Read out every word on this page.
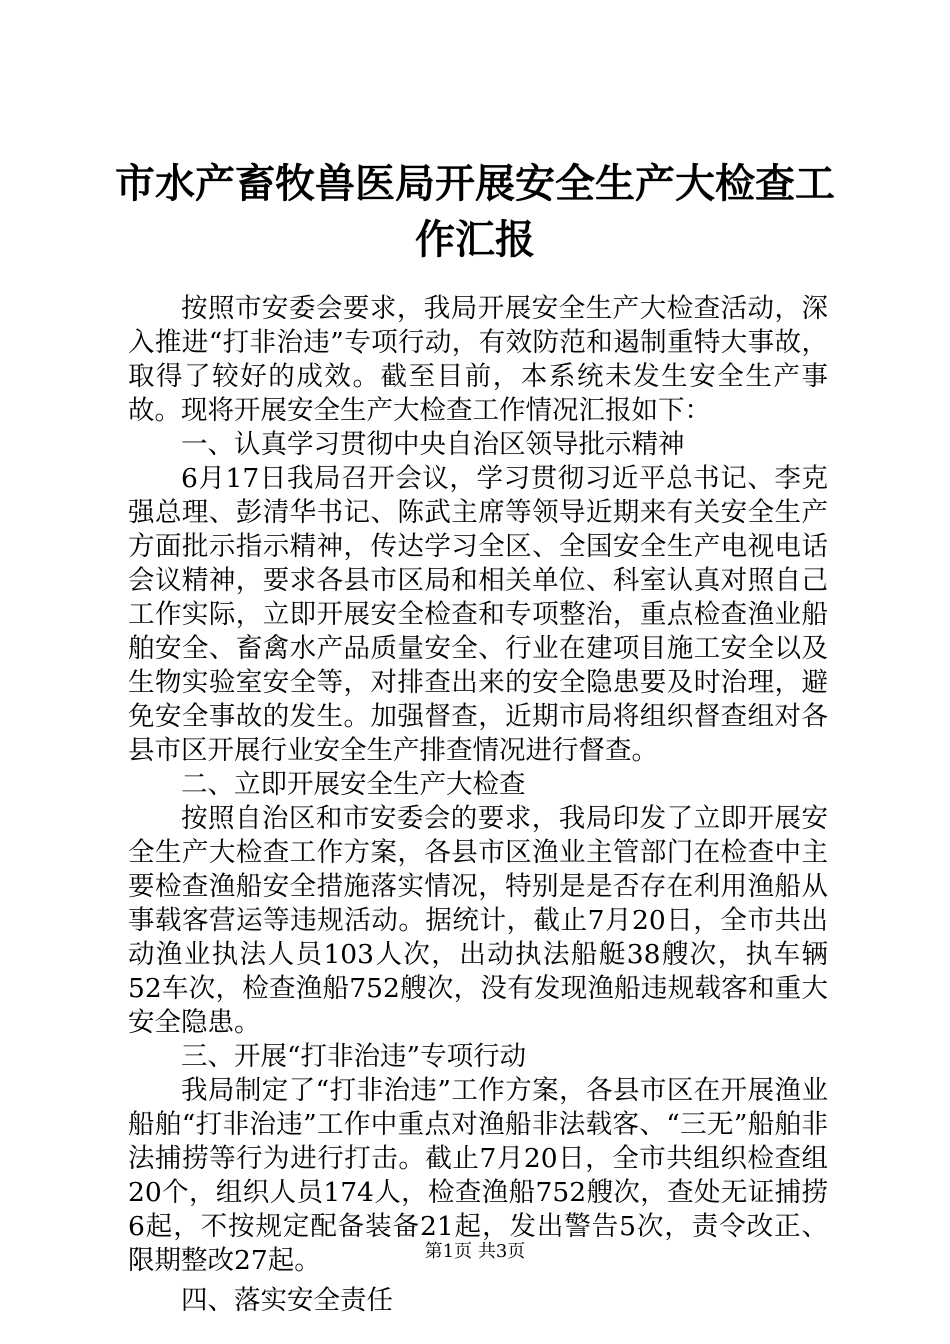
市水产畜牧兽医局开展安全生产大检查工作汇报

按照市安委会要求，我局开展安全生产大检查活动，深入推进“打非治违”专项行动，有效防范和遏制重特大事故，取得了较好的成效。截至目前，本系统未发生安全生产事故。现将开展安全生产大检查工作情况汇报如下：

一、认真学习贯彻中央自治区领导批示精神

6月17日我局召开会议，学习贯彻习近平总书记、李克强总理、彭清华书记、陈武主席等领导近期来有关安全生产方面批示指示精神，传达学习全区、全国安全生产电视电话会议精神，要求各县市区局和相关单位、科室认真对照自己工作实际，立即开展安全检查和专项整治，重点检查渔业船舶安全、畜禽水产品质量安全、行业在建项目施工安全以及生物实验室安全等，对排查出来的安全隐患要及时治理，避免安全事故的发生。加强督查，近期市局将组织督查组对各县市区开展行业安全生产排查情况进行督查。

二、立即开展安全生产大检查

按照自治区和市安委会的要求，我局印发了立即开展安全生产大检查工作方案，各县市区渔业主管部门在检查中主要检查渔船安全措施落实情况，特别是是否存在利用渔船从事载客营运等违规活动。据统计，截止7月20日，全市共出动渔业执法人员103人次，出动执法船艇38艘次，执车辆52车次，检查渔船752艘次，没有发现渔船违规载客和重大安全隐患。

三、开展“打非治违”专项行动

我局制定了“打非治违”工作方案，各县市区在开展渔业船舶“打非治违”工作中重点对渔船非法载客、“三无”船舶非法捕捞等行为进行打击。截止7月20日，全市共组织检查组20个，组织人员174人，检查渔船752艘次，查处无证捕捞6起，不按规定配备装备21起，发出警告5次，责令改正、限期整改27起。

四、落实安全责任

第1页 共3页
